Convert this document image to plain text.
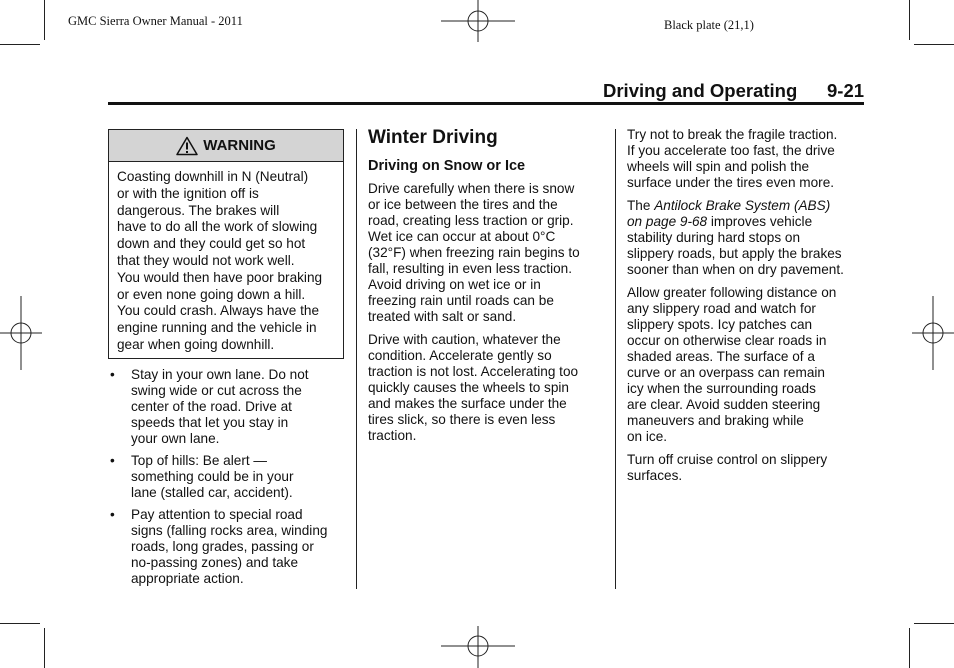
GMC Sierra Owner Manual - 2011	Black plate (21,1)
Driving and Operating 9-21
WARNING
Coasting downhill in N (Neutral)
or with the ignition off is
dangerous. The brakes will
have to do all the work of slowing
down and they could get so hot
that they would not work well.
You would then have poor braking
or even none going down a hill.
You could crash. Always have the
engine running and the vehicle in
gear when going downhill.
• Stay in your own lane. Do not
swing wide or cut across the
center of the road. Drive at
speeds that let you stay in
your own lane.
• Top of hills: Be alert —
something could be in your
lane (stalled car, accident).
• Pay attention to special road
signs (falling rocks area, winding
roads, long grades, passing or
no-passing zones) and take
appropriate action.
Winter Driving
Driving on Snow or Ice

Drive carefully when there is snow
or ice between the tires and the
road, creating less traction or grip.
Wet ice can occur at about 0°C
(32°F) when freezing rain begins to
fall, resulting in even less traction.
Avoid driving on wet ice or in
freezing rain until roads can be
treated with salt or sand.

Drive with caution, whatever the
condition. Accelerate gently so
traction is not lost. Accelerating too
quickly causes the wheels to spin
and makes the surface under the
tires slick, so there is even less
traction.

Try not to break the fragile traction.
If you accelerate too fast, the drive
wheels will spin and polish the
surface under the tires even more.

The Antilock Brake System (ABS)
on page 9-68 improves vehicle
stability during hard stops on
slippery roads, but apply the brakes
sooner than when on dry pavement.

Allow greater following distance on
any slippery road and watch for
slippery spots. Icy patches can
occur on otherwise clear roads in
shaded areas. The surface of a
curve or an overpass can remain
icy when the surrounding roads
are clear. Avoid sudden steering
maneuvers and braking while
on ice.

Turn off cruise control on slippery
surfaces.
